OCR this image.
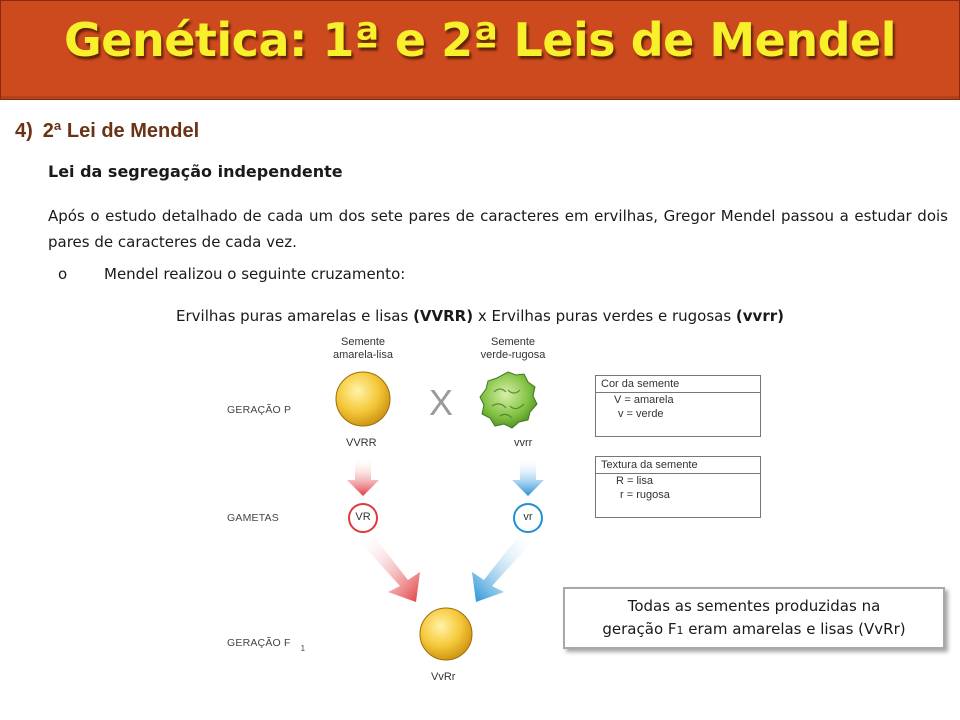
Genética: 1ª e 2ª Leis de Mendel
4) 2ª Lei de Mendel
Lei da segregação independente
Após o estudo detalhado de cada um dos sete pares de caracteres em ervilhas, Gregor Mendel passou a estudar dois pares de caracteres de cada vez.
o Mendel realizou o seguinte cruzamento:
Ervilhas puras amarelas e lisas (VVRR) x Ervilhas puras verdes e rugosas (vvrr)
GERAÇÃO P
GAMETAS
GERAÇÃO F $_1$
Semente
amarela-lisa
Semente
verde-rugosa
X
VVRR	vvrr
VvRr
VR	vr
Cor da semente
V = amarela
v = verde
Textura da semente
R = lisa
r = rugosa
Todas as sementes produzidas na
geração F1 eram amarelas e lisas (VvRr)
